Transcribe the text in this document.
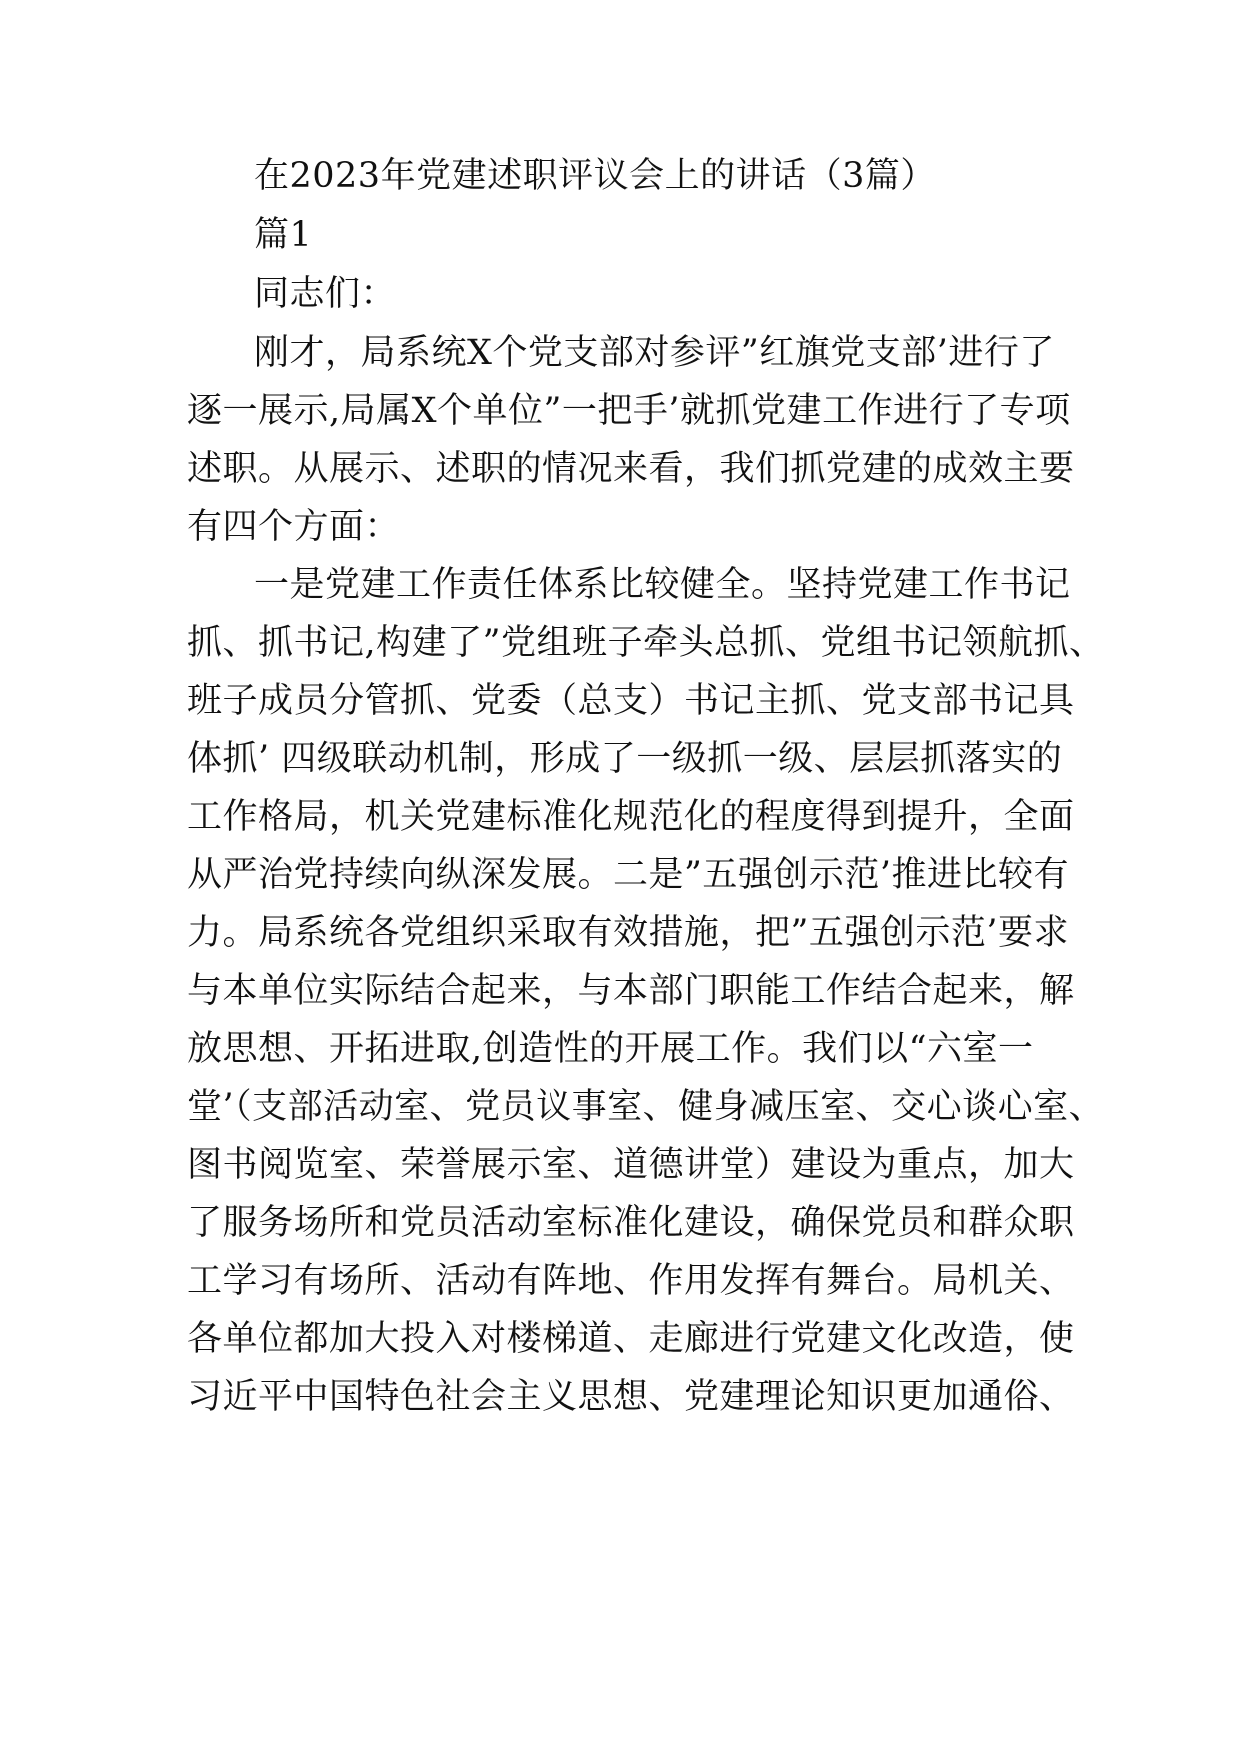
在2023年党建述职评议会上的讲话（3篇）
篇1
同志们：
刚才，局系统X个党支部对参评”红旗党支部’进行了
逐一展示,局属X个单位”一把手’就抓党建工作进行了专项
述职。从展示、述职的情况来看，我们抓党建的成效主要
有四个方面：
一是党建工作责任体系比较健全。坚持党建工作书记
抓、抓书记,构建了”党组班子牵头总抓、党组书记领航抓、
班子成员分管抓、党委（总支）书记主抓、党支部书记具
体抓’ 四级联动机制，形成了一级抓一级、层层抓落实的
工作格局，机关党建标准化规范化的程度得到提升，全面
从严治党持续向纵深发展。二是”五强创示范’推进比较有
力。局系统各党组织采取有效措施，把”五强创示范’要求
与本单位实际结合起来，与本部门职能工作结合起来，解
放思想、开拓进取,创造性的开展工作。我们以“六室一
堂’（支部活动室、党员议事室、健身减压室、交心谈心室、
图书阅览室、荣誉展示室、道德讲堂）建设为重点，加大
了服务场所和党员活动室标准化建设，确保党员和群众职
工学习有场所、活动有阵地、作用发挥有舞台。局机关、
各单位都加大投入对楼梯道、走廊进行党建文化改造，使
习近平中国特色社会主义思想、党建理论知识更加通俗、
